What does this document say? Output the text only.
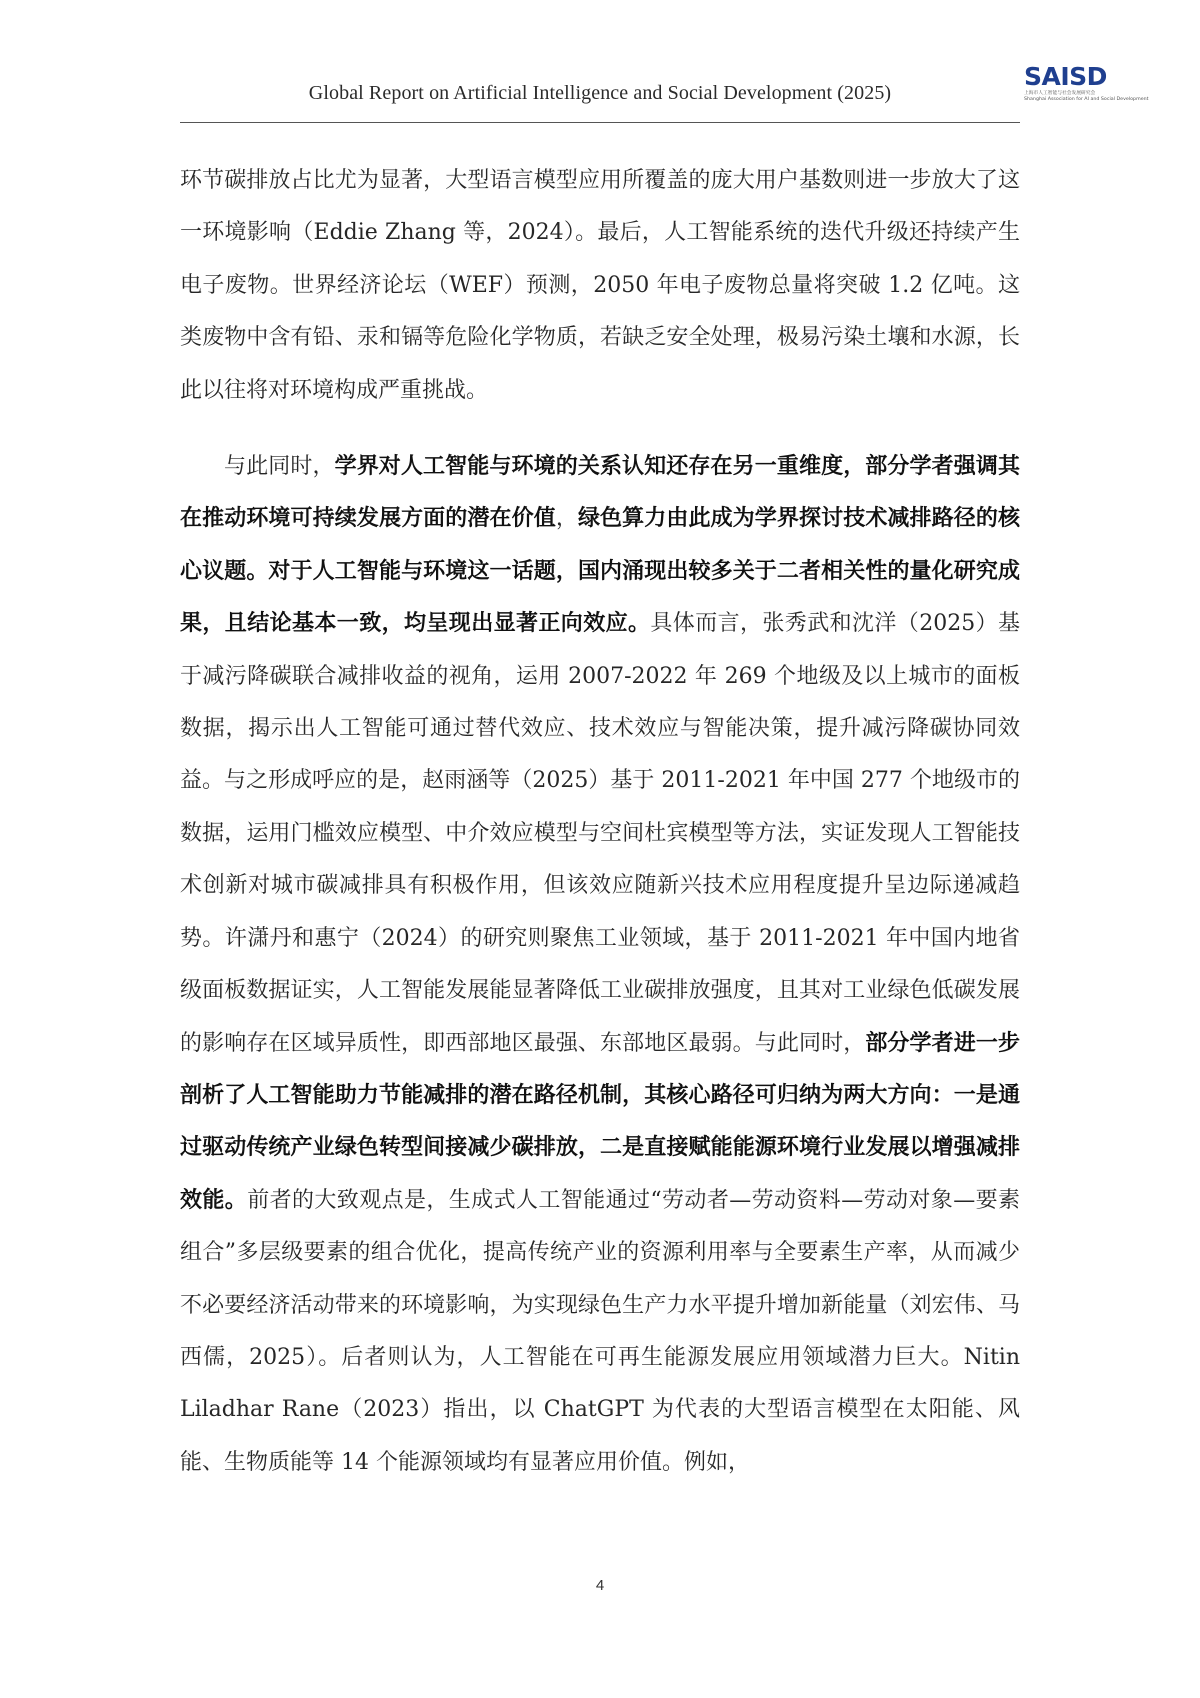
Global Report on Artificial Intelligence and Social Development (2025)
SAISD
上海市人工智能与社会发展研究会
Shanghai Association for AI and Social Development

环节碳排放占比尤为显著，大型语言模型应用所覆盖的庞大用户基数则进一步放大了这一环境影响（Eddie Zhang 等，2024）。最后，人工智能系统的迭代升级还持续产生电子废物。世界经济论坛（WEF）预测，2050 年电子废物总量将突破 1.2 亿吨。这类废物中含有铅、汞和镉等危险化学物质，若缺乏安全处理，极易污染土壤和水源，长此以往将对环境构成严重挑战。

与此同时，学界对人工智能与环境的关系认知还存在另一重维度，部分学者强调其在推动环境可持续发展方面的潜在价值，绿色算力由此成为学界探讨技术减排路径的核心议题。对于人工智能与环境这一话题，国内涌现出较多关于二者相关性的量化研究成果，且结论基本一致，均呈现出显著正向效应。具体而言，张秀武和沈洋（2025）基于减污降碳联合减排收益的视角，运用 2007-2022 年 269 个地级及以上城市的面板数据，揭示出人工智能可通过替代效应、技术效应与智能决策，提升减污降碳协同效益。与之形成呼应的是，赵雨涵等（2025）基于 2011-2021 年中国 277 个地级市的数据，运用门槛效应模型、中介效应模型与空间杜宾模型等方法，实证发现人工智能技术创新对城市碳减排具有积极作用，但该效应随新兴技术应用程度提升呈边际递减趋势。许潇丹和惠宁（2024）的研究则聚焦工业领域，基于 2011-2021 年中国内地省级面板数据证实，人工智能发展能显著降低工业碳排放强度，且其对工业绿色低碳发展的影响存在区域异质性，即西部地区最强、东部地区最弱。与此同时，部分学者进一步剖析了人工智能助力节能减排的潜在路径机制，其核心路径可归纳为两大方向：一是通过驱动传统产业绿色转型间接减少碳排放，二是直接赋能能源环境行业发展以增强减排效能。前者的大致观点是，生成式人工智能通过“劳动者—劳动资料—劳动对象—要素组合”多层级要素的组合优化，提高传统产业的资源利用率与全要素生产率，从而减少不必要经济活动带来的环境影响，为实现绿色生产力水平提升增加新能量（刘宏伟、马西儒，2025）。后者则认为，人工智能在可再生能源发展应用领域潜力巨大。Nitin Liladhar Rane（2023）指出，以 ChatGPT 为代表的大型语言模型在太阳能、风能、生物质能等 14 个能源领域均有显著应用价值。例如，

4
